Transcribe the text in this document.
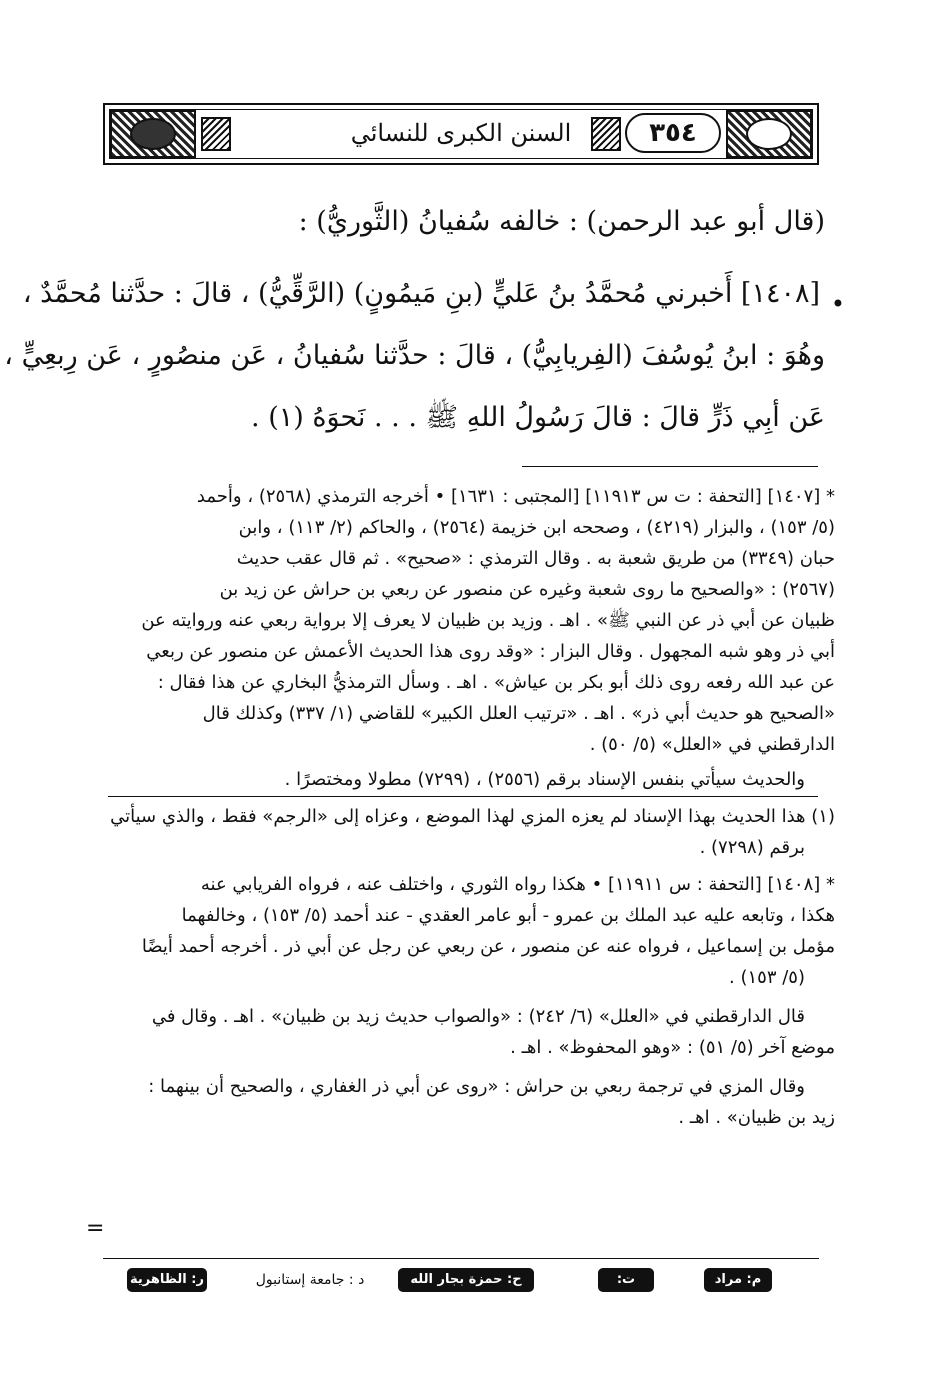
٣٥٤
السنن الكبرى للنسائي
(قال أبو عبد الرحمن) : خالفه سُفيانُ (الثَّوريُّ) :
•
[١٤٠٨] أَخبرني مُحمَّدُ بنُ عَليٍّ (بنِ مَيمُونٍ) (الرَّقِّيُّ) ، قالَ : حدَّثنا مُحمَّدٌ ،
وهُوَ : ابنُ يُوسُفَ (الفِريابِيُّ) ، قالَ : حدَّثنا سُفيانُ ، عَن منصُورٍ ، عَن رِبعِيٍّ ،
عَن أبِي ذَرٍّ قالَ : قالَ رَسُولُ اللهِ ﷺ . . . نَحوَهُ (١) .
* [١٤٠٧] [التحفة : ت س ١١٩١٣] [المجتبى : ١٦٣١] • أخرجه الترمذي (٢٥٦٨) ، وأحمد
(٥/ ١٥٣) ، والبزار (٤٢١٩) ، وصححه ابن خزيمة (٢٥٦٤) ، والحاكم (٢/ ١١٣) ، وابن
حبان (٣٣٤٩) من طريق شعبة به . وقال الترمذي : «صحيح» . ثم قال عقب حديث
(٢٥٦٧) : «والصحيح ما روى شعبة وغيره عن منصور عن ربعي بن حراش عن زيد بن
ظبيان عن أبي ذر عن النبي ﷺ» . اهـ . وزيد بن ظبيان لا يعرف إلا برواية ربعي عنه وروايته عن
أبي ذر وهو شبه المجهول . وقال البزار : «وقد روى هذا الحديث الأعمش عن منصور عن ربعي
عن عبد الله رفعه روى ذلك أبو بكر بن عياش» . اهـ . وسأل الترمذيُّ البخاري عن هذا فقال :
«الصحيح هو حديث أبي ذر» . اهـ . «ترتيب العلل الكبير» للقاضي (١/ ٣٣٧) وكذلك قال
الدارقطني في «العلل» (٥/ ٥٠) .
والحديث سيأتي بنفس الإسناد برقم (٢٥٥٦) ، (٧٢٩٩) مطولا ومختصرًا .
(١) هذا الحديث بهذا الإسناد لم يعزه المزي لهذا الموضع ، وعزاه إلى «الرجم» فقط ، والذي سيأتي
برقم (٧٢٩٨) .
* [١٤٠٨] [التحفة : س ١١٩١١] • هكذا رواه الثوري ، واختلف عنه ، فرواه الفريابي عنه
هكذا ، وتابعه عليه عبد الملك بن عمرو - أبو عامر العقدي - عند أحمد (٥/ ١٥٣) ، وخالفهما
مؤمل بن إسماعيل ، فرواه عنه عن منصور ، عن ربعي عن رجل عن أبي ذر . أخرجه أحمد أيضًا
(٥/ ١٥٣) .
قال الدارقطني في «العلل» (٦/ ٢٤٢) : «والصواب حديث زيد بن ظبيان» . اهـ . وقال في
موضع آخر (٥/ ٥١) : «وهو المحفوظ» . اهـ .
وقال المزي في ترجمة ربعي بن حراش : «روى عن أبي ذر الغفاري ، والصحيح أن بينهما :
زيد بن ظبيان» . اهـ .
=
م: مراد ملا
ت: تطوان
ح: حمزة بجار الله
د : جامعة إستانبول
ر: الظاهرية
